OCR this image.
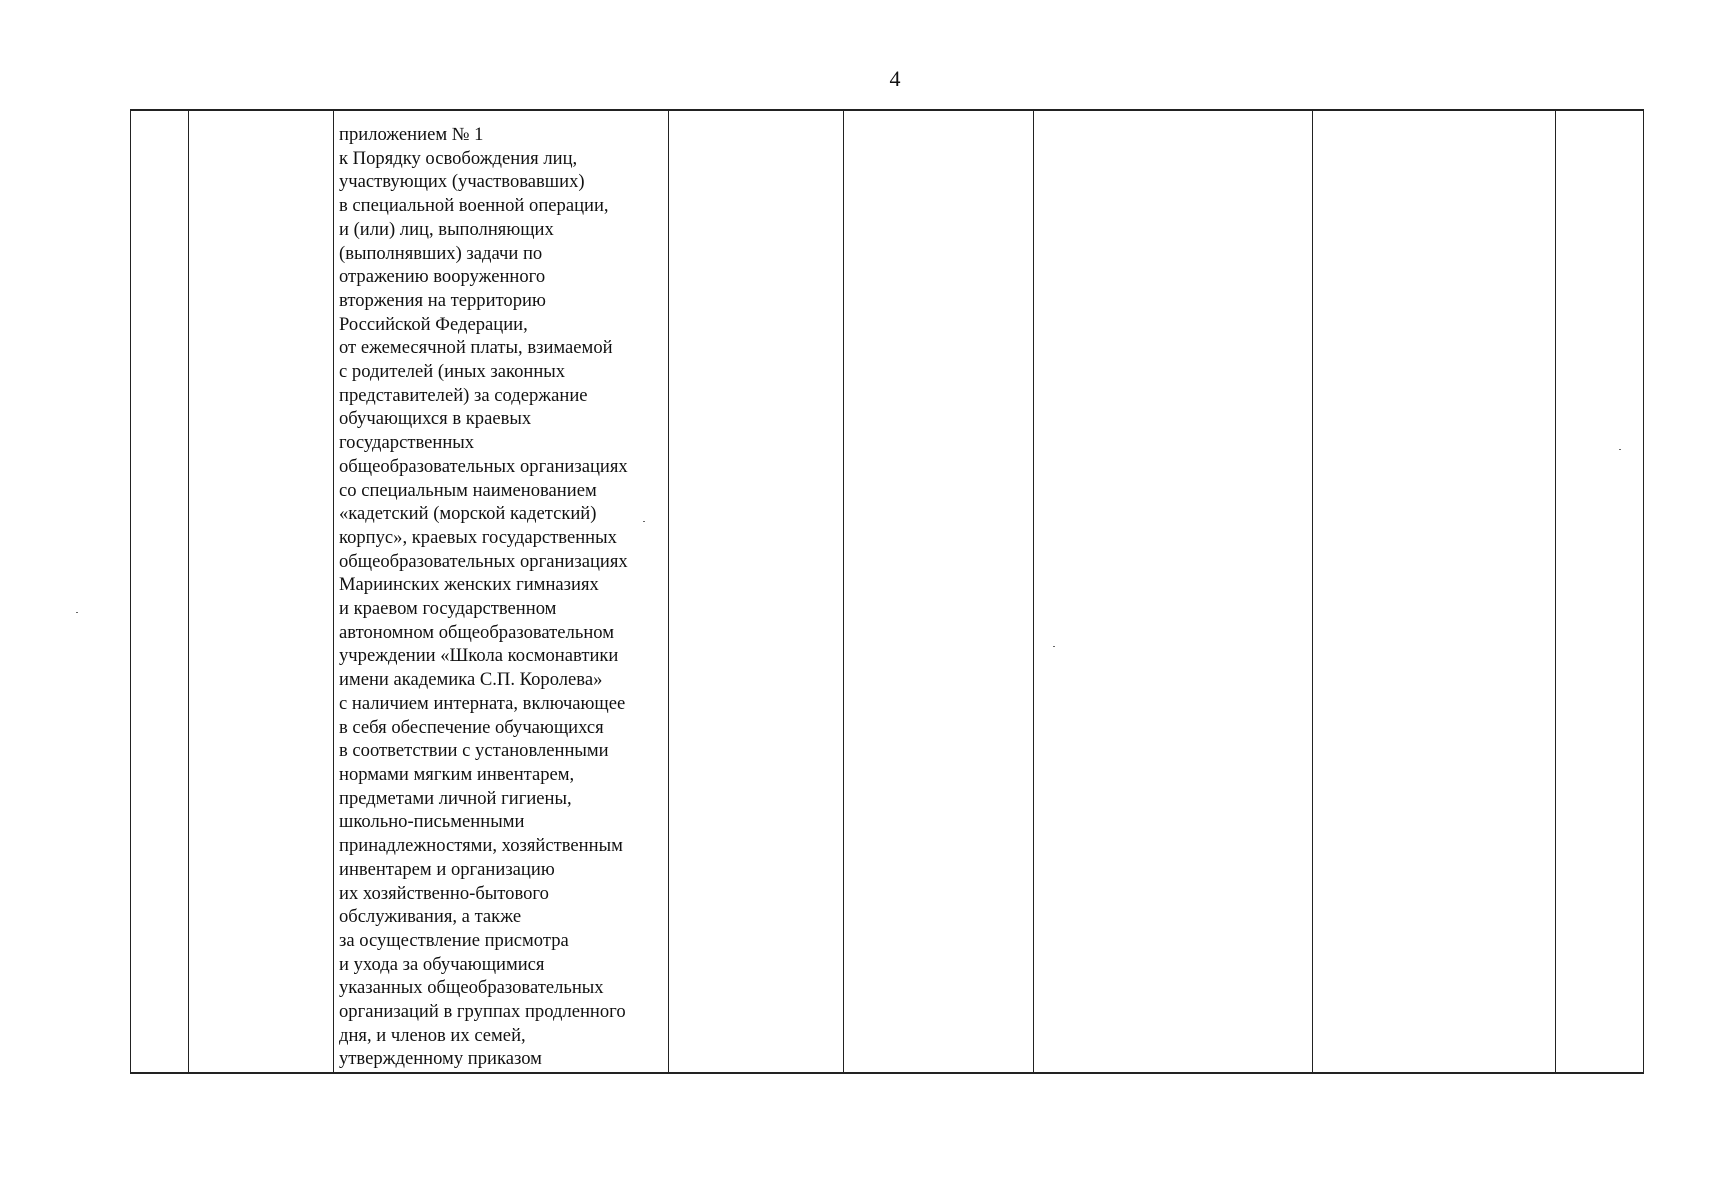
4

приложением № 1
к Порядку освобождения лиц,
участвующих (участвовавших)
в специальной военной операции,
и (или) лиц, выполняющих
(выполнявших) задачи по
отражению вооруженного
вторжения на территорию
Российской Федерации,
от ежемесячной платы, взимаемой
с родителей (иных законных
представителей) за содержание
обучающихся в краевых
государственных
общеобразовательных организациях
со специальным наименованием
«кадетский (морской кадетский)
корпус», краевых государственных
общеобразовательных организациях
Мариинских женских гимназиях
и краевом государственном
автономном общеобразовательном
учреждении «Школа космонавтики
имени академика С.П. Королева»
с наличием интерната, включающее
в себя обеспечение обучающихся
в соответствии с установленными
нормами мягким инвентарем,
предметами личной гигиены,
школьно-письменными
принадлежностями, хозяйственным
инвентарем и организацию
их хозяйственно-бытового
обслуживания, а также
за осуществление присмотра
и ухода за обучающимися
указанных общеобразовательных
организаций в группах продленного
дня, и членов их семей,
утвержденному приказом
